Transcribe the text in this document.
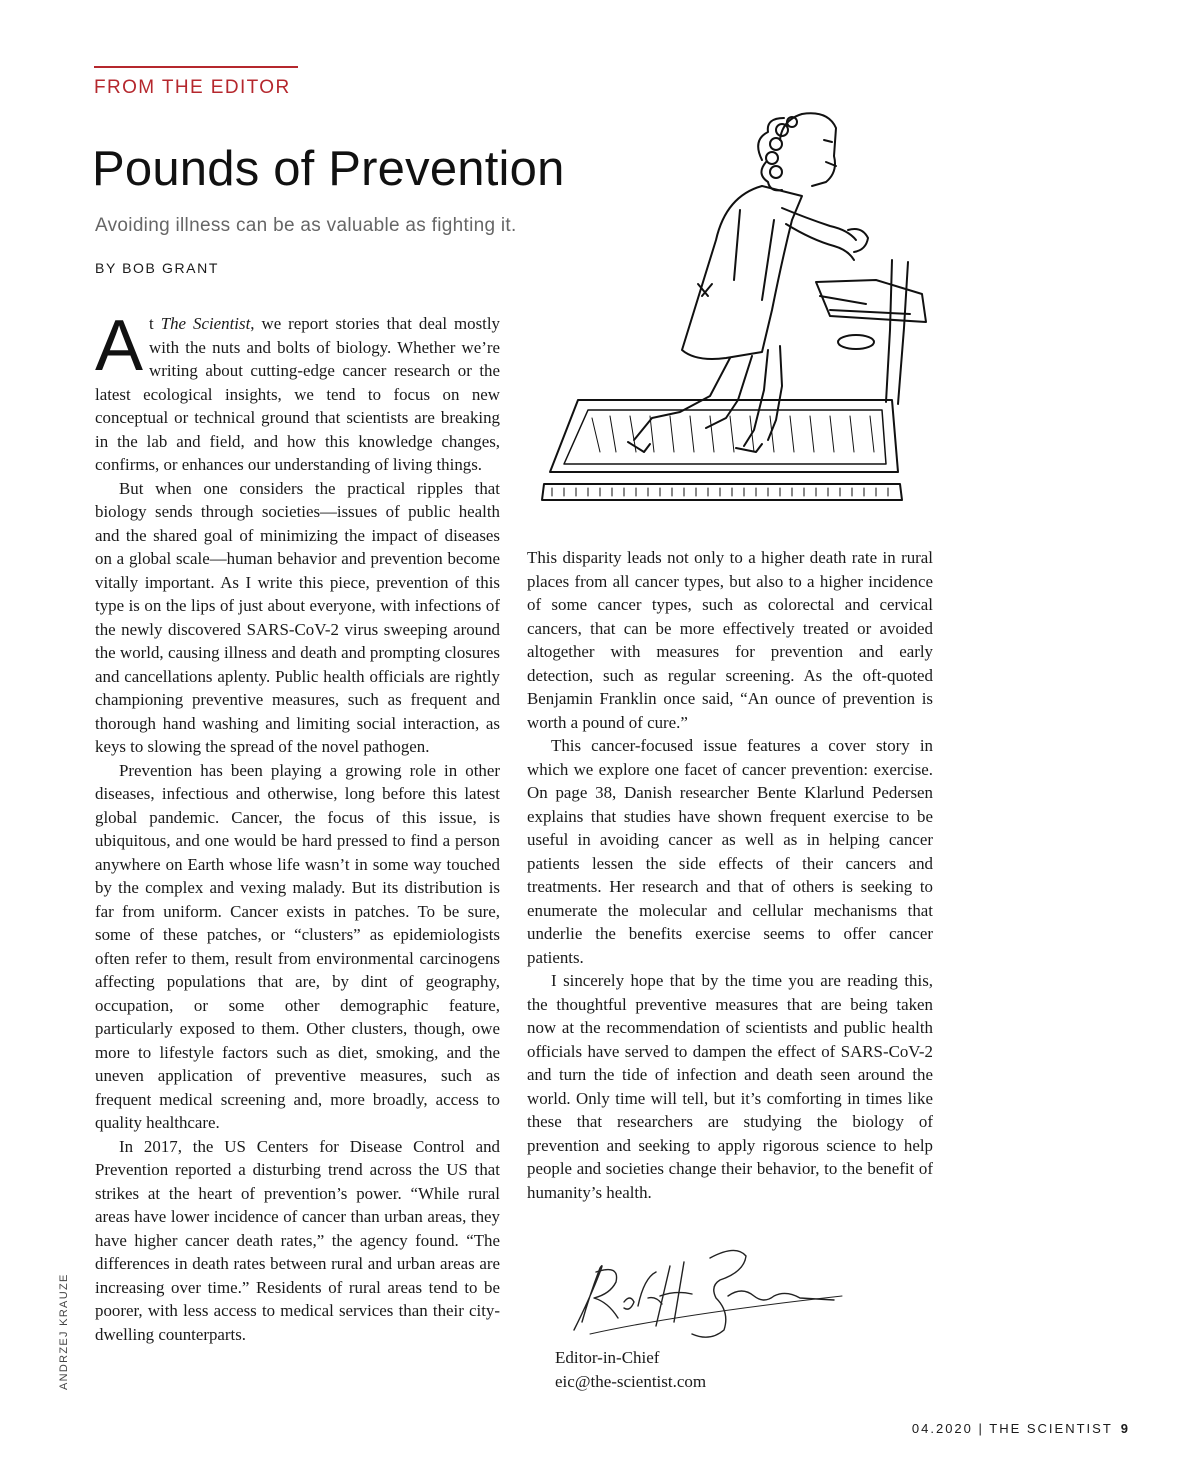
FROM THE EDITOR
Pounds of Prevention

Avoiding illness can be as valuable as fighting it.

BY BOB GRANT

At The Scientist, we report stories that deal mostly with the nuts and bolts of biology. Whether we’re writing about cutting-edge cancer research or the latest ecological insights, we tend to focus on new conceptual or technical ground that scientists are breaking in the lab and field, and how this knowledge changes, confirms, or enhances our understanding of living things.

But when one considers the practical ripples that biology sends through societies—issues of public health and the shared goal of minimizing the impact of diseases on a global scale—human behavior and prevention become vitally important. As I write this piece, prevention of this type is on the lips of just about everyone, with infections of the newly discovered SARS-CoV-2 virus sweeping around the world, causing illness and death and prompting closures and cancellations aplenty. Public health officials are rightly championing preventive measures, such as frequent and thorough hand washing and limiting social interaction, as keys to slowing the spread of the novel pathogen.

Prevention has been playing a growing role in other diseases, infectious and otherwise, long before this latest global pandemic. Cancer, the focus of this issue, is ubiquitous, and one would be hard pressed to find a person anywhere on Earth whose life wasn’t in some way touched by the complex and vexing malady. But its distribution is far from uniform. Cancer exists in patches. To be sure, some of these patches, or “clusters” as epidemiologists often refer to them, result from environmental carcinogens affecting populations that are, by dint of geography, occupation, or some other demographic feature, particularly exposed to them. Other clusters, though, owe more to lifestyle factors such as diet, smoking, and the uneven application of preventive measures, such as frequent medical screening and, more broadly, access to quality healthcare.

In 2017, the US Centers for Disease Control and Prevention reported a disturbing trend across the US that strikes at the heart of prevention’s power. “While rural areas have lower incidence of cancer than urban areas, they have higher cancer death rates,” the agency found. “The differences in death rates between rural and urban areas are increasing over time.” Residents of rural areas tend to be poorer, with less access to medical services than their city-dwelling counterparts.

This disparity leads not only to a higher death rate in rural places from all cancer types, but also to a higher incidence of some cancer types, such as colorectal and cervical cancers, that can be more effectively treated or avoided altogether with measures for prevention and early detection, such as regular screening. As the oft-quoted Benjamin Franklin once said, “An ounce of prevention is worth a pound of cure.”

This cancer-focused issue features a cover story in which we explore one facet of cancer prevention: exercise. On page 38, Danish researcher Bente Klarlund Pedersen explains that studies have shown frequent exercise to be useful in avoiding cancer as well as in helping cancer patients lessen the side effects of their cancers and treatments. Her research and that of others is seeking to enumerate the molecular and cellular mechanisms that underlie the benefits exercise seems to offer cancer patients.

I sincerely hope that by the time you are reading this, the thoughtful preventive measures that are being taken now at the recommendation of scientists and public health officials have served to dampen the effect of SARS-CoV-2 and turn the tide of infection and death seen around the world. Only time will tell, but it’s comforting in times like these that researchers are studying the biology of prevention and seeking to apply rigorous science to help people and societies change their behavior, to the benefit of humanity’s health.

Editor-in-Chief
eic@the-scientist.com
ANDRZEJ KRAUZE
04.2020 | THE SCIENTIST 9
